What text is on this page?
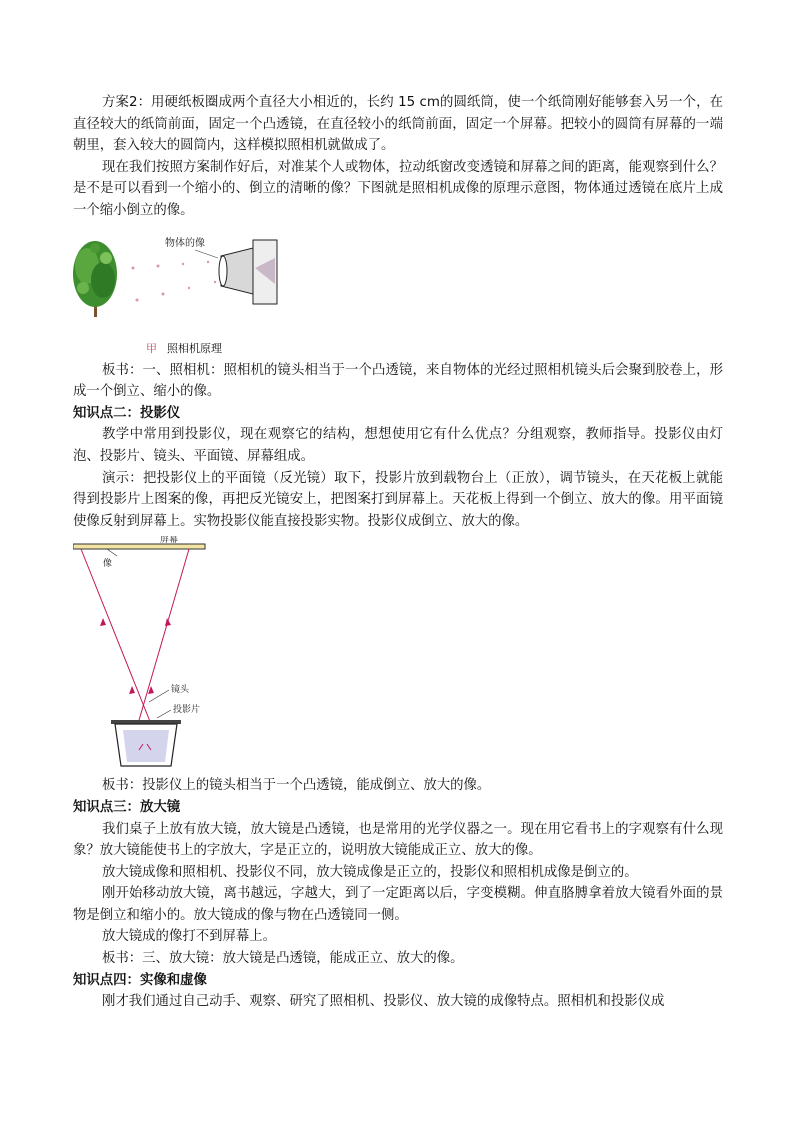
方案2：用硬纸板圈成两个直径大小相近的，长约 15 cm的圆纸筒，使一个纸筒刚好能够套入另一个，在直径较大的纸筒前面，固定一个凸透镜，在直径较小的纸筒前面，固定一个屏幕。把较小的圆筒有屏幕的一端朝里，套入较大的圆筒内，这样模拟照相机就做成了。

现在我们按照方案制作好后，对准某个人或物体，拉动纸窗改变透镜和屏幕之间的距离，能观察到什么？是不是可以看到一个缩小的、倒立的清晰的像？下图就是照相机成像的原理示意图，物体通过透镜在底片上成一个缩小倒立的像。

物体的像
甲 照相机原理

板书：一、照相机：照相机的镜头相当于一个凸透镜，来自物体的光经过照相机镜头后会聚到胶卷上，形成一个倒立、缩小的像。

知识点二：投影仪

教学中常用到投影仪，现在观察它的结构，想想使用它有什么优点？分组观察，教师指导。投影仪由灯泡、投影片、镜头、平面镜、屏幕组成。

演示：把投影仪上的平面镜（反光镜）取下，投影片放到载物台上（正放），调节镜头，在天花板上就能得到投影片上图案的像，再把反光镜安上，把图案打到屏幕上。天花板上得到一个倒立、放大的像。用平面镜使像反射到屏幕上。实物投影仪能直接投影实物。投影仪成倒立、放大的像。

屏幕
像
镜头
投影片

板书：投影仪上的镜头相当于一个凸透镜，能成倒立、放大的像。

知识点三：放大镜

我们桌子上放有放大镜，放大镜是凸透镜，也是常用的光学仪器之一。现在用它看书上的字观察有什么现象？放大镜能使书上的字放大，字是正立的，说明放大镜能成正立、放大的像。

放大镜成像和照相机、投影仪不同，放大镜成像是正立的，投影仪和照相机成像是倒立的。

刚开始移动放大镜，离书越远，字越大，到了一定距离以后，字变模糊。伸直胳膊拿着放大镜看外面的景物是倒立和缩小的。放大镜成的像与物在凸透镜同一侧。

放大镜成的像打不到屏幕上。

板书：三、放大镜：放大镜是凸透镜，能成正立、放大的像。

知识点四：实像和虚像

刚才我们通过自己动手、观察、研究了照相机、投影仪、放大镜的成像特点。照相机和投影仪成
